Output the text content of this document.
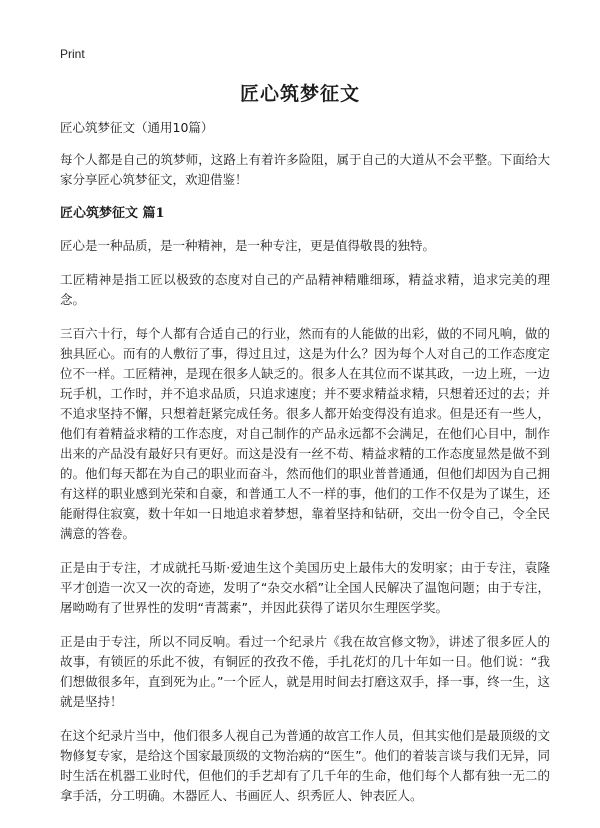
Print
匠心筑梦征文

匠心筑梦征文（通用10篇）

每个人都是自己的筑梦师，这路上有着许多险阻，属于自己的大道从不会平整。下面给大家分享匠心筑梦征文，欢迎借鉴！

匠心筑梦征文 篇1

匠心是一种品质，是一种精神，是一种专注，更是值得敬畏的独特。

工匠精神是指工匠以极致的态度对自己的产品精神精雕细琢，精益求精，追求完美的理念。

三百六十行，每个人都有合适自己的行业，然而有的人能做的出彩，做的不同凡响，做的独具匠心。而有的人敷衍了事，得过且过，这是为什么？因为每个人对自己的工作态度定位不一样。工匠精神，是现在很多人缺乏的。很多人在其位而不谋其政，一边上班，一边玩手机，工作时，并不追求品质，只追求速度；并不要求精益求精，只想着还过的去；并不追求坚持不懈，只想着赶紧完成任务。很多人都开始变得没有追求。但是还有一些人，他们有着精益求精的工作态度，对自己制作的产品永远都不会满足，在他们心目中，制作出来的产品没有最好只有更好。而这是没有一丝不苟、精益求精的工作态度显然是做不到的。他们每天都在为自己的职业而奋斗，然而他们的职业普普通通，但他们却因为自己拥有这样的职业感到光荣和自豪，和普通工人不一样的事，他们的工作不仅是为了谋生，还能耐得住寂寞，数十年如一日地追求着梦想，靠着坚持和钻研，交出一份令自己，令全民满意的答卷。

正是由于专注，才成就托马斯·爱迪生这个美国历史上最伟大的发明家；由于专注，袁隆平才创造一次又一次的奇迹，发明了“杂交水稻”让全国人民解决了温饱问题；由于专注，屠呦呦有了世界性的发明“青蒿素”，并因此获得了诺贝尔生理医学奖。

正是由于专注，所以不同反响。看过一个纪录片《我在故宫修文物》，讲述了很多匠人的故事，有锁匠的乐此不彼，有铜匠的孜孜不倦，手扎花灯的几十年如一日。他们说：“我们想做很多年，直到死为止。”一个匠人，就是用时间去打磨这双手，择一事，终一生，这就是坚持！

在这个纪录片当中，他们很多人视自己为普通的故宫工作人员，但其实他们是最顶级的文物修复专家，是给这个国家最顶级的文物治病的“医生”。他们的着装言谈与我们无异，同时生活在机器工业时代，但他们的手艺却有了几千年的生命，他们每个人都有独一无二的拿手活，分工明确。木器匠人、书画匠人、织秀匠人、钟表匠人。
